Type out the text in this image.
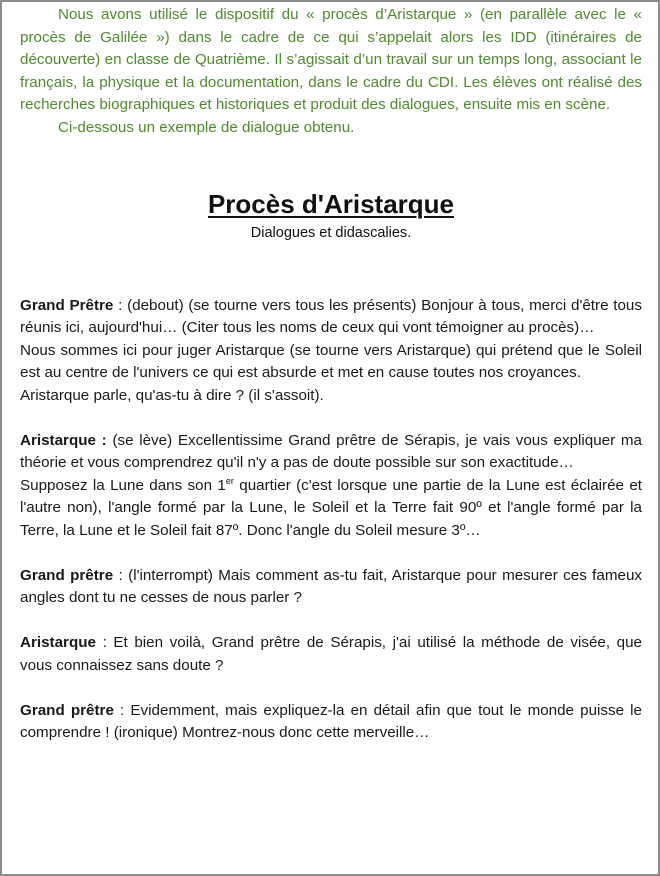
Nous avons utilisé le dispositif du « procès d’Aristarque » (en parallèle avec le « procès de Galilée ») dans le cadre de ce qui s’appelait alors les IDD (itinéraires de découverte) en classe de Quatrième. Il s’agissait d’un travail sur un temps long, associant le français, la physique et la documentation, dans le cadre du CDI. Les élèves ont réalisé des recherches biographiques et historiques et produit des dialogues, ensuite mis en scène.

Ci-dessous un exemple de dialogue obtenu.

Procès d'Aristarque
Dialogues et didascalies.

Grand Prêtre : (debout) (se tourne vers tous les présents) Bonjour à tous, merci d'être tous réunis ici, aujourd'hui… (Citer tous les noms de ceux qui vont témoigner au procès)…

Nous sommes ici pour juger Aristarque (se tourne vers Aristarque) qui prétend que le Soleil est au centre de l'univers ce qui est absurde et met en cause toutes nos croyances.

Aristarque parle, qu'as-tu à dire ? (il s'assoit).

Aristarque : (se lève) Excellentissime Grand prêtre de Sérapis, je vais vous expliquer ma théorie et vous comprendrez qu'il n'y a pas de doute possible sur son exactitude…

Supposez la Lune dans son 1er quartier (c'est lorsque une partie de la Lune est éclairée et l'autre non), l'angle formé par la Lune, le Soleil et la Terre fait 90º et l'angle formé par la Terre, la Lune et le Soleil fait 87º. Donc l'angle du Soleil mesure 3º…

Grand prêtre : (l'interrompt) Mais comment as-tu fait, Aristarque pour mesurer ces fameux angles dont tu ne cesses de nous parler ?

Aristarque : Et bien voilà, Grand prêtre de Sérapis, j'ai utilisé la méthode de visée, que vous connaissez sans doute ?

Grand prêtre : Evidemment, mais expliquez-la en détail afin que tout le monde puisse le comprendre ! (ironique) Montrez-nous donc cette merveille…
